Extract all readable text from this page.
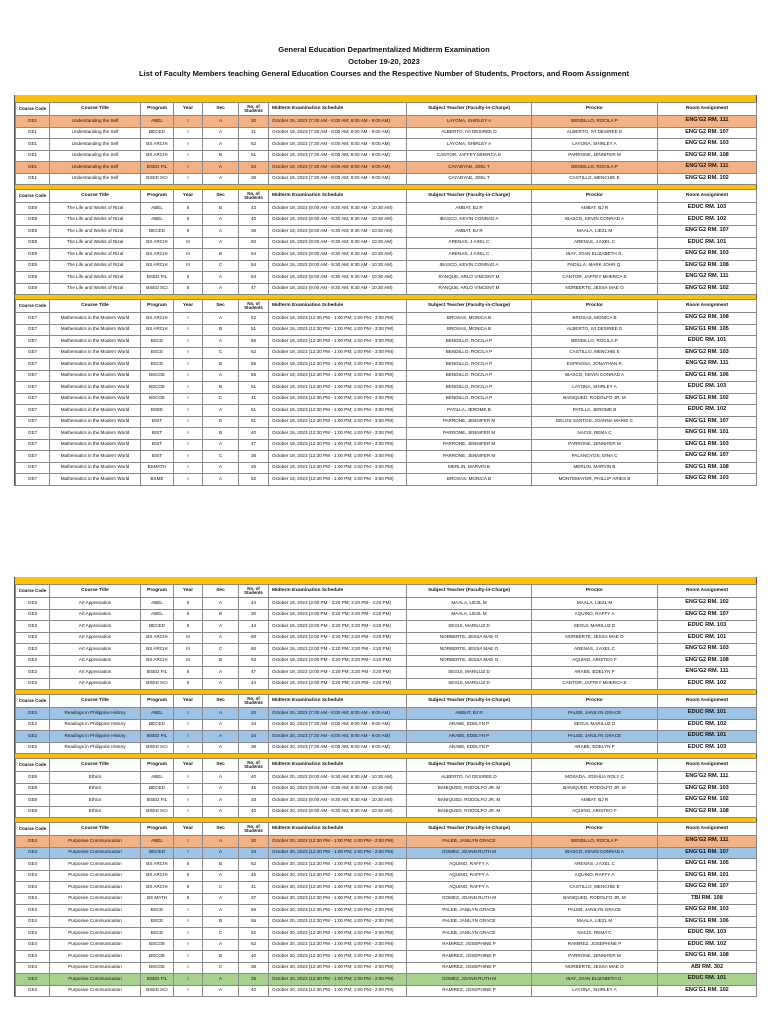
General Education Departmentalized Midterm Examination
October 19-20, 2023
List of Faculty Members teaching General Education Courses and the Respective Number of Students, Proctors, and Room Assignment
Course Code	Course Title	Program	Year	Sec	No. of Students	Midterm Examination Schedule	Subject Teacher (Faculty-in-Charge)	Proctor	Room Assignment
GE1	Understanding the Self	ABEL	I	A	30	October 19, 2023 (7:30 AM - 8:00 AM; 8:00 AM - 9:00 AM)	LAYONA, SHIRLEY A	BENDILLO, ROCILA P	ENG'G2 RM. 111
GE1	Understanding the Self	BECED	I	A	31	October 19, 2023 (7:30 AM - 8:00 AM; 8:00 AM - 9:00 AM)	ALBERTO, IVI DESIREE D	ALBERTO, IVI DESIREE D	ENG'G2 RM. 107
GE1	Understanding the Self	BS ARCHI	I	A	52	October 19, 2023 (7:30 AM - 8:00 AM; 8:00 AM - 9:00 AM)	LAYONA, SHIRLEY A	LAYONA, SHIRLEY A	ENG'G2 RM. 103
GE1	Understanding the Self	BS ARCHI	I	B	51	October 19, 2023 (7:30 AM - 8:00 AM; 8:00 AM - 9:00 AM)	CANTOR, JAFFEY MHERCA E	PARRONE, JENNIFER M	ENG'G2 RM. 108
GE1	Understanding the Self	BSED FIL	I	A	34	October 19, 2023 (7:30 AM - 8:00 AM; 8:00 AM - 9:00 AM)	CAYABYAB, JOEL T	BENDILLO, ROCILA P	ENG'G2 RM. 111
GE1	Understanding the Self	BSED SCI	I	A	38	October 19, 2023 (7:30 AM - 8:00 AM; 8:00 AM - 9:00 AM)	CAYABYAB, JOEL T	CASTILLO, MENCHIE E	ENG'G2 RM. 102
Course Code	Course Title	Program	Year	Sec	No. of Students	Midterm Examination Schedule	Subject Teacher (Faculty-in-Charge)	Proctor	Room Assignment
GE9	The Life and Works of Rizal	ABEL	II	B	43	October 19, 2023 (9:00 AM - 9:30 AM; 9:30 AM - 10:30 AM)	AMBAT, BJ R	AMBAT, BJ R	EDUC RM. 103
GE9	The Life and Works of Rizal	ABEL	II	A	40	October 19, 2023 (9:00 AM - 9:30 AM; 9:30 AM - 10:30 AM)	IBASCO, KEVIN CONRAD A	IBASCO, KEVIN CONRAD A	EDUC RM. 102
GE9	The Life and Works of Rizal	BECED	II	A	38	October 19, 2023 (9:00 AM - 9:30 AM; 9:30 AM - 10:30 AM)	AMBAT, BJ R	MAALA, LIEZL M	ENG'G2 RM. 107
GE9	The Life and Works of Rizal	BS ARCHI	III	A	50	October 19, 2023 (9:00 AM - 9:30 AM; 9:30 AM - 10:30 AM)	ARENAS, J AXEL C	ARENAS, J AXEL C	EDUC RM. 101
GE9	The Life and Works of Rizal	BS ARCHI	III	B	54	October 19, 2023 (9:00 AM - 9:30 AM; 9:30 AM - 10:30 AM)	ARENAS, J AXEL C	IBAY, JOAN ELIZABETH G.	ENG'G2 RM. 103
GE9	The Life and Works of Rizal	BS ARCHI	III	C	54	October 19, 2023 (9:00 AM - 9:30 AM; 9:30 AM - 10:30 AM)	IBASCO, KEVIN CONRAD A	PADILLA, MARK JOHN Q.	ENG'G2 RM. 108
GE9	The Life and Works of Rizal	BSED FIL	II	A	54	October 19, 2023 (9:00 AM - 9:30 AM; 9:30 AM - 10:30 AM)	RANQUE, ARLO VINCENT M	CANTOR, JAFFEY MHERCA E	ENG'G2 RM. 111
GE9	The Life and Works of Rizal	BSED SCI	II	A	47	October 19, 2023 (9:00 AM - 9:30 AM; 9:30 AM - 10:30 AM)	RANQUE, ARLO VINCENT M	NORBERTE, JESSA MAE O	ENG'G2 RM. 102
Course Code	Course Title	Program	Year	Sec	No. of Students	Midterm Examination Schedule	Subject Teacher (Faculty-in-Charge)	Proctor	Room Assignment
GE7	Mathematics in the Modern World	BS ARCHI	I	A	52	October 19, 2023 (12:30 PM - 1:00 PM; 1:00 PM - 3:00 PM)	BROSAS, MONICA B	BROSAS, MONICA B	ENG'G2 RM. 108
GE7	Mathematics in the Modern World	BS ARCHI	I	B	51	October 19, 2023 (12:30 PM - 1:00 PM; 1:00 PM - 3:00 PM)	BROSAS, MONICA B	ALBERTO, IVI DESIREE D	ENG'G1 RM. 105
GE7	Mathematics in the Modern World	BSCE	I	A	56	October 19, 2023 (12:30 PM - 1:00 PM; 1:00 PM - 3:00 PM)	BENDILLO, ROCILA P	BENDILLO, ROCILA P	EDUC RM. 101
GE7	Mathematics in the Modern World	BSCE	I	C	52	October 19, 2023 (12:30 PM - 1:00 PM; 1:00 PM - 3:00 PM)	BENDILLO, ROCILA P	CASTILLO, MENCHIE E	ENG'G2 RM. 103
GE7	Mathematics in the Modern World	BSCE	I	B	55	October 19, 2023 (12:30 PM - 1:00 PM; 1:00 PM - 3:00 PM)	BENDILLO, ROCILA P	ESPINOSA, JONATHAN P.	ENG'G2 RM. 111
GE7	Mathematics in the Modern World	BSCOE	I	A	55	October 19, 2023 (12:30 PM - 1:00 PM; 1:00 PM - 3:00 PM)	BENDILLO, ROCILA P	IBASCO, KEVIN CONRAD A	ENG'G1 RM. 106
GE7	Mathematics in the Modern World	BSCOE	I	B	51	October 19, 2023 (12:30 PM - 1:00 PM; 1:00 PM - 3:00 PM)	BENDILLO, ROCILA P	LAYONA, SHIRLEY A	EDUC RM. 103
GE7	Mathematics in the Modern World	BSCOE	I	C	41	October 19, 2023 (12:30 PM - 1:00 PM; 1:00 PM - 3:00 PM)	BENDILLO, ROCILA P	BANIQUED, RODOLFO JR. M	ENG'G1 RM. 102
GE7	Mathematics in the Modern World	BSEE	I	A	51	October 19, 2023 (12:30 PM - 1:00 PM; 1:00 PM - 3:00 PM)	PATILLA, JEROME B	PATILLA, JEROME B	EDUC RM. 102
GE7	Mathematics in the Modern World	BSIT	I	D	51	October 19, 2023 (12:30 PM - 1:00 PM; 1:00 PM - 3:00 PM)	PARRONE, JENNIFER M	DELOS SANTOS, JOANNA MARIE C	ENG'G1 RM. 107
GE7	Mathematics in the Modern World	BSIT	I	B	40	October 19, 2023 (12:30 PM - 1:00 PM; 1:00 PM - 3:00 PM)	PARRONE, JENNIFER M	NACIS, REMA C	ENG'G1 RM. 101
GE7	Mathematics in the Modern World	BSIT	I	A	47	October 19, 2023 (12:30 PM - 1:00 PM; 1:00 PM - 3:00 PM)	PARRONE, JENNIFER M	PARRONE, JENNIFER M	ENG'G1 RM. 103
GE7	Mathematics in the Modern World	BSIT	I	C	38	October 19, 2023 (12:30 PM - 1:00 PM; 1:00 PM - 3:00 PM)	PARRONE, JENNIFER M	PALANGYOS, DINA C	ENG'G2 RM. 107
GE7	Mathematics in the Modern World	BSMATH	I	A	25	October 19, 2023 (12:30 PM - 1:00 PM; 1:00 PM - 3:00 PM)	MERLIN, MARVIN B	MERLIN, MARVIN B	ENG'G1 RM. 108
GE7	Mathematics in the Modern World	BSME	I	A	52	October 19, 2023 (12:30 PM - 1:00 PM; 1:00 PM - 3:00 PM)	BROSAS, MONICA B	MONTEMAYOR, PHILLIP ARIES B	ENG'G2 RM. 103
Course Code	Course Title	Program	Year	Sec	No. of Students	Midterm Examination Schedule	Subject Teacher (Faculty-in-Charge)	Proctor	Room Assignment
GE3	Art Appreciation	ABEL	II	A	44	October 19, 2023 (3:00 PM - 3:20 PM; 3:20 PM - 4:20 PM)	MAALA, LIEZL M	MAALA, LIEZL M	ENG'G2 RM. 102
GE3	Art Appreciation	ABEL	II	B	30	October 19, 2023 (3:00 PM - 3:20 PM; 3:20 PM - 4:20 PM)	MAALA, LIEZL M	AQUINO, RAFFY A	ENG'G2 RM. 107
GE3	Art Appreciation	BECED	II	A	44	October 19, 2023 (3:00 PM - 3:20 PM; 3:20 PM - 4:20 PM)	SEGUI, MARILUZ D	SEGUI, MARILUZ D	EDUC RM. 103
GE3	Art Appreciation	BS ARCHI	III	A	60	October 19, 2023 (3:00 PM - 3:20 PM; 3:20 PM - 4:20 PM)	NORBERTE, JESSA MAE O	NORBERTE, JESSA MAE O	EDUC RM. 101
GE3	Art Appreciation	BS ARCHI	III	C	60	October 19, 2023 (3:00 PM - 3:20 PM; 3:20 PM - 4:20 PM)	NORBERTE, JESSA MAE O	ARENAS, J AXEL C	ENG'G2 RM. 103
GE3	Art Appreciation	BS ARCHI	III	B	53	October 19, 2023 (3:00 PM - 3:20 PM; 3:20 PM - 4:20 PM)	NORBERTE, JESSA MAE O	AQUINO, ARISTEO F	ENG'G2 RM. 108
GE3	Art Appreciation	BSED FIL	II	A	47	October 19, 2023 (3:00 PM - 3:20 PM; 3:20 PM - 4:20 PM)	SEGUI, MARILUZ D	ARABE, EDELYN P	ENG'G2 RM. 111
GE3	Art Appreciation	BSED SCI	II	A	44	October 19, 2023 (3:00 PM - 3:20 PM; 3:20 PM - 4:20 PM)	SEGUI, MARILUZ D	CANTOR, JAFFEY MHERCA E	EDUC RM. 102
Course Code	Course Title	Program	Year	Sec	No. of Students	Midterm Examination Schedule	Subject Teacher (Faculty-in-Charge)	Proctor	Room Assignment
GE2	Readings in Philippine History	ABEL	I	A	20	October 20, 2023 (7:30 AM - 8:00 AM; 8:00 AM - 9:00 AM)	AMBAT, BJ R	PALEB, JANILYN GRACE	EDUC RM. 101
GE2	Readings in Philippine History	BECED	I	A	34	October 20, 2023 (7:30 AM - 8:00 AM; 8:00 AM - 9:00 AM)	ARABE, EDELYN P	SEGUI, MARILUZ D	EDUC RM. 102
GE2	Readings in Philippine History	BSED FIL	I	A	34	October 20, 2023 (7:30 AM - 8:00 AM; 8:00 AM - 9:00 AM)	ARABE, EDELYN P	PALEB, JANILYN GRACE	EDUC RM. 101
GE2	Readings in Philippine History	BSED SCI	I	A	38	October 20, 2023 (7:30 AM - 8:00 AM; 8:00 AM - 9:00 AM)	ARABE, EDELYN P	ARABE, EDELYN P	EDUC RM. 103
Course Code	Course Title	Program	Year	Sec	No. of Students	Midterm Examination Schedule	Subject Teacher (Faculty-in-Charge)	Proctor	Room Assignment
GE8	Ethics	ABEL	I	A	40	October 20, 2023 (9:00 AM - 9:30 AM; 9:30 AM - 10:30 AM)	ALBERTO, IVI DESIREE D	MOSADA, JOSHUA ROLY C	ENG'G2 RM. 111
GE8	Ethics	BECED	I	A	45	October 20, 2023 (9:00 AM - 9:30 AM; 9:30 AM - 10:30 AM)	BANIQUED, RODOLFO JR. M	BANIQUED, RODOLFO JR. M	ENG'G2 RM. 103
GE8	Ethics	BSED FIL	I	A	33	October 20, 2023 (9:00 AM - 9:30 AM; 9:30 AM - 10:30 AM)	BANIQUED, RODOLFO JR. M	AMBAT, BJ R	ENG'G2 RM. 102
GE8	Ethics	BSED SCI	I	A	40	October 20, 2023 (9:00 AM - 9:30 AM; 9:30 AM - 10:30 AM)	BANIQUED, RODOLFO JR. M	AQUINO, ARISTEO F	ENG'G2 RM. 108
Course Code	Course Title	Program	Year	Sec	No. of Students	Midterm Examination Schedule	Subject Teacher (Faculty-in-Charge)	Proctor	Room Assignment
GE4	Purposive Communication	ABEL	I	A	30	October 20, 2023 (12:30 PM - 1:00 PM; 1:00 PM - 2:00 PM)	PALEB, JANILYN GRACE	BENDILLO, ROCILA P	ENG'G2 RM. 111
GE4	Purposive Communication	BECED	I	A	34	October 20, 2023 (12:30 PM - 1:00 PM; 1:00 PM - 2:00 PM)	GOMEZ, JOANN RUTH M	IBASCO, KEVIN CONRAD A	ENG'G1 RM. 107
GE4	Purposive Communication	BS ARCHI	II	B	52	October 20, 2023 (12:30 PM - 1:00 PM; 1:00 PM - 2:00 PM)	AQUINO, RAFFY A	ARENAS, J AXEL C	ENG'G1 RM. 105
GE4	Purposive Communication	BS ARCHI	II	A	45	October 20, 2023 (12:30 PM - 1:00 PM; 1:00 PM - 2:00 PM)	AQUINO, RAFFY A	AQUINO, RAFFY A	ENG'G1 RM. 101
GE4	Purposive Communication	BS ARCHI	II	C	41	October 20, 2023 (12:30 PM - 1:00 PM; 1:00 PM - 2:00 PM)	AQUINO, RAFFY A	CASTILLO, MENCHIE E	ENG'G2 RM. 107
GE4	Purposive Communication	BS MATH	II	A	37	October 20, 2023 (12:30 PM - 1:00 PM; 1:00 PM - 2:00 PM)	GOMEZ, JOANN RUTH M	BANIQUED, RODOLFO JR. M	TBI RM. 108
GE4	Purposive Communication	BSCE	I	A	56	October 20, 2023 (12:30 PM - 1:00 PM; 1:00 PM - 2:00 PM)	PALEB, JANILYN GRACE	PALEB, JANILYN GRACE	ENG'G2 RM. 103
GE4	Purposive Communication	BSCE	I	B	55	October 20, 2023 (12:30 PM - 1:00 PM; 1:00 PM - 2:00 PM)	PALEB, JANILYN GRACE	MAALA, LIEZL M	ENG'G1 RM. 106
GE4	Purposive Communication	BSCE	I	C	52	October 20, 2023 (12:30 PM - 1:00 PM; 1:00 PM - 2:00 PM)	PALEB, JANILYN GRACE	NACIS, REMA C	EDUC RM. 103
GE4	Purposive Communication	BSCOE	I	A	52	October 20, 2023 (12:30 PM - 1:00 PM; 1:00 PM - 2:00 PM)	RAMIREZ, JOSEPHINE P	RAMIREZ, JOSEPHINE P	EDUC RM. 102
GE4	Purposive Communication	BSCOE	I	B	40	October 20, 2023 (12:30 PM - 1:00 PM; 1:00 PM - 2:00 PM)	RAMIREZ, JOSEPHINE P	PARRONE, JENNIFER M	ENG'G1 RM. 108
GE4	Purposive Communication	BSCOE	I	C	38	October 20, 2023 (12:30 PM - 1:00 PM; 1:00 PM - 2:00 PM)	RAMIREZ, JOSEPHINE P	NORBERTE, JESSA MAE O	ABI RM. 302
GE4	Purposive Communication	BSED FIL	I	A	25	October 20, 2023 (12:30 PM - 1:00 PM; 1:00 PM - 2:00 PM)	GOMEZ, JOANN RUTH M	IBAY, JOAN ELIZABETH G.	EDUC RM. 101
GE4	Purposive Communication	BSED SCI	I	A	40	October 20, 2023 (12:30 PM - 1:00 PM; 1:00 PM - 2:00 PM)	RAMIREZ, JOSEPHINE P	LAYONA, SHIRLEY A	ENG'G1 RM. 102
